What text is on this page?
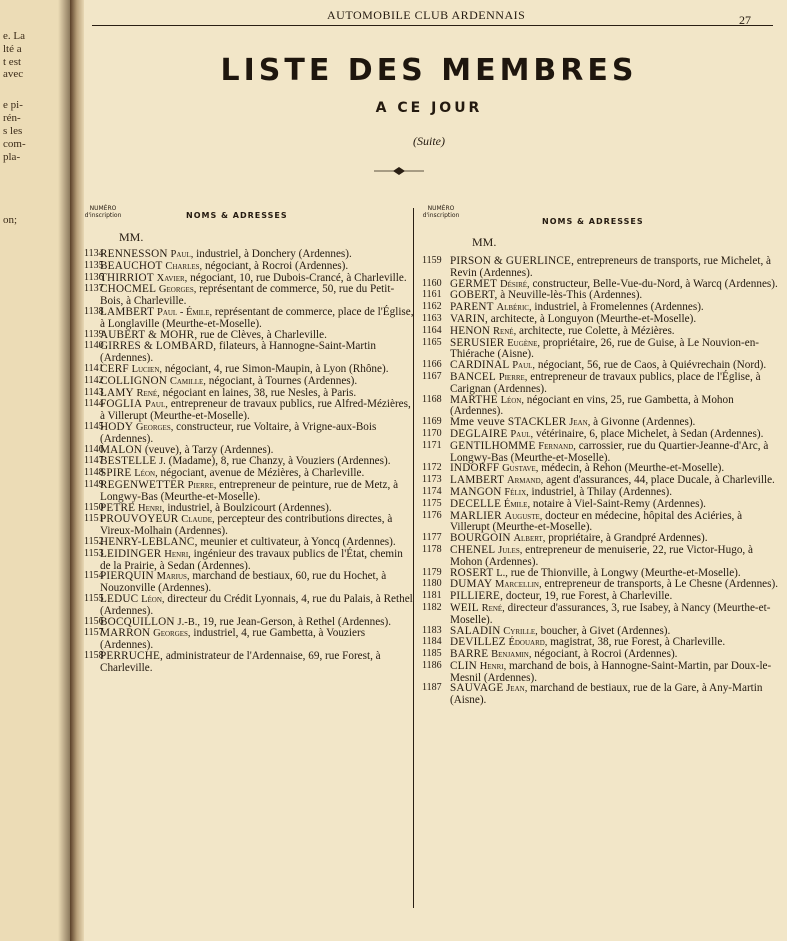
e. La
lté a
t est
avec
e pi-
rén-
s les
com-
pla-
on;
AUTOMOBILE CLUB ARDENNAIS	27
LISTE DES MEMBRES
A CE JOUR
(Suite)
NUMÉRO d'inscription	NOMS & ADRESSES
MM.
1134
RENNESSON Paul, industriel, à Donchery (Ardennes).
1135
BEAUCHOT Charles, négociant, à Rocroi (Ardennes).
1136
THIRRIOT Xavier, négociant, 10, rue Dubois-Crancé, à Charleville.
1137
CHOCMEL Georges, représentant de commerce, 50, rue du Petit-Bois, à Charleville.
1138
LAMBERT Paul - Émile, représentant de commerce, place de l'Église, à Longlaville (Meurthe-et-Moselle).
1139
AUBERT & MOHR, rue de Clèves, à Charleville.
1140
GIRRES & LOMBARD, filateurs, à Hannogne-Saint-Martin (Ardennes).
1141
CERF Lucien, négociant, 4, rue Simon-Maupin, à Lyon (Rhône).
1142
COLLIGNON Camille, négociant, à Tournes (Ardennes).
1143
LAMY René, négociant en laines, 38, rue Nesles, à Paris.
1144
FOGLIA Paul, entrepreneur de travaux publics, rue Alfred-Mézières, à Villerupt (Meurthe-et-Moselle).
1145
HODY Georges, constructeur, rue Voltaire, à Vrigne-aux-Bois (Ardennes).
1146
MALON (veuve), à Tarzy (Ardennes).
1147
BESTELLE J. (Madame), 8, rue Chanzy, à Vouziers (Ardennes).
1148
SPIRE Léon, négociant, avenue de Mézières, à Charleville.
1149
REGENWETTER Pierre, entrepreneur de peinture, rue de Metz, à Longwy-Bas (Meurthe-et-Moselle).
1150
PETRE Henri, industriel, à Boulzicourt (Ardennes).
1151
PROUVOYEUR Claude, percepteur des contributions directes, à Vireux-Molhain (Ardennes).
1152
HENRY-LEBLANC, meunier et cultivateur, à Yoncq (Ardennes).
1153
LEIDINGER Henri, ingénieur des travaux publics de l'État, chemin de la Prairie, à Sedan (Ardennes).
1154
PIERQUIN Marius, marchand de bestiaux, 60, rue du Hochet, à Nouzonville (Ardennes).
1155
LEDUC Léon, directeur du Crédit Lyonnais, 4, rue du Palais, à Rethel (Ardennes).
1156
BOCQUILLON J.-B., 19, rue Jean-Gerson, à Rethel (Ardennes).
1157
MARRON Georges, industriel, 4, rue Gambetta, à Vouziers (Ardennes).
1158
PERRUCHE, administrateur de l'Ardennaise, 69, rue Forest, à Charleville.
NUMÉRO d'inscription
NOMS & ADRESSES
MM.
1159 PIRSON & GUERLINCE, entrepreneurs de transports, rue Michelet, à Revin (Ardennes).
1160 GERMET Désiré, constructeur, Belle-Vue-du-Nord, à Warcq (Ardennes).
1161 GOBERT, à Neuville-lès-This (Ardennes).
1162 PARENT Albéric, industriel, à Fromelennes (Ardennes).
1163 VARIN, architecte, à Longuyon (Meurthe-et-Moselle).
1164 HENON René, architecte, rue Colette, à Mézières.
1165 SERUSIER Eugène, propriétaire, 26, rue de Guise, à Le Nouvion-en-Thiérache (Aisne).
1166 CARDINAL Paul, négociant, 56, rue de Caos, à Quiévrechain (Nord).
1167 BANCEL Pierre, entrepreneur de travaux publics, place de l'Église, à Carignan (Ardennes).
1168 MARTHE Léon, négociant en vins, 25, rue Gambetta, à Mohon (Ardennes).
1169 Mme veuve STACKLER Jean, à Givonne (Ardennes).
1170 DEGLAIRE Paul, vétérinaire, 6, place Michelet, à Sedan (Ardennes).
1171 GENTILHOMME Fernand, carrossier, rue du Quartier-Jeanne-d'Arc, à Longwy-Bas (Meurthe-et-Moselle).
1172 INDORFF Gustave, médecin, à Rehon (Meurthe-et-Moselle).
1173 LAMBERT Armand, agent d'assurances, 44, place Ducale, à Charleville.
1174 MANGON Félix, industriel, à Thilay (Ardennes).
1175 DECELLE Émile, notaire à Viel-Saint-Remy (Ardennes).
1176 MARLIER Auguste, docteur en médecine, hôpital des Aciéries, à Villerupt (Meurthe-et-Moselle).
1177 BOURGOIN Albert, propriétaire, à Grandpré Ardennes).
1178 CHENEL Jules, entrepreneur de menuiserie, 22, rue Victor-Hugo, à Mohon (Ardennes).
1179 ROSERT L., rue de Thionville, à Longwy (Meurthe-et-Moselle).
1180 DUMAY Marcellin, entrepreneur de transports, à Le Chesne (Ardennes).
1181 PILLIERE, docteur, 19, rue Forest, à Charleville.
1182 WEIL René, directeur d'assurances, 3, rue Isabey, à Nancy (Meurthe-et-Moselle).
1183 SALADIN Cyrille, boucher, à Givet (Ardennes).
1184 DEVILLEZ Édouard, magistrat, 38, rue Forest, à Charleville.
1185 BARRE Benjamin, négociant, à Rocroi (Ardennes).
1186 CLIN Henri, marchand de bois, à Hannogne-Saint-Martin, par Doux-le-Mesnil (Ardennes).
1187 SAUVAGE Jean, marchand de bestiaux, rue de la Gare, à Any-Martin (Aisne).
